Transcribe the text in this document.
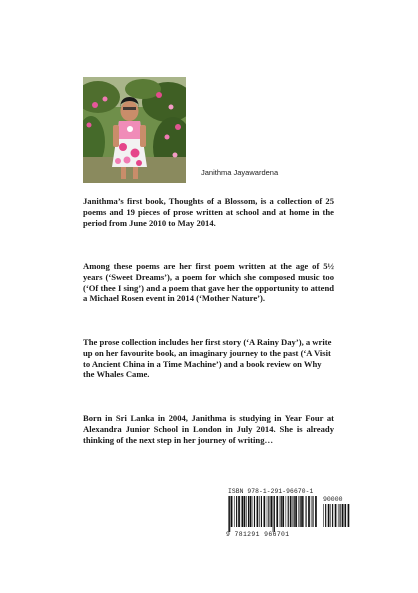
Janithma Jayawardena

Janithma’s first book, Thoughts of a Blossom, is a collection of 25 poems and 19 pieces of prose written at school and at home in the period from June 2010 to May 2014.

Among these poems are her first poem written at the age of 5½ years (‘Sweet Dreams’), a poem for which she composed music too (‘Of thee I sing’) and a poem that gave her the opportunity to attend a Michael Rosen event in 2014 (‘Mother Nature’).

The prose collection includes her first story (‘A Rainy Day’), a write up on her favourite book, an imaginary journey to the past (‘A Visit to Ancient China in a Time Machine’) and a book review on Why the Whales Came.

Born in Sri Lanka in 2004, Janithma is studying in Year Four at Alexandra Junior School in London in July 2014. She is already thinking of the next step in her journey of writing…

ISBN 978-1-291-96670-1
90000
9 781291 966701
